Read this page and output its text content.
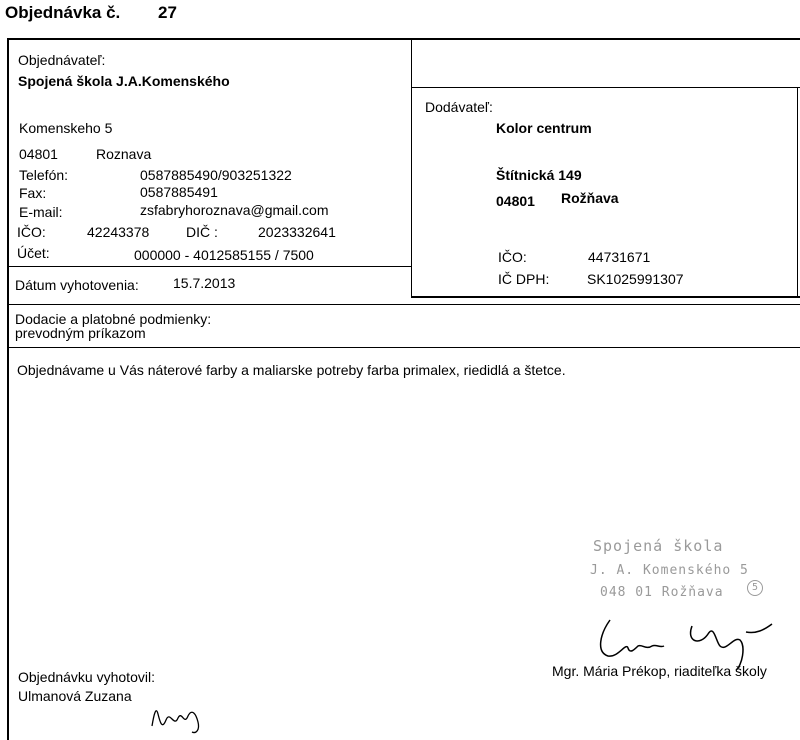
Objednávka č. 27
Objednávateľ:
Spojená škola J.A.Komenského
Komenskeho 5
04801	Roznava
Telefón:	0587885490/903251322
Fax:	0587885491
E-mail:	zsfabryhoroznava@gmail.com
IČO:	42243378	DIČ :	2023332641
Účet:	000000 - 4012585155 / 7500
Dátum vyhotovenia: 15.7.2013
Dodávateľ:
Kolor centrum
Štítnická 149
04801 Rožňava
IČO:	44731671
IČ DPH:	SK1025991307
Dodacie a platobné podmienky:
prevodným príkazom
Objednávame u Vás náterové farby a maliarske potreby farba primalex, riedidlá a štetce.
Spojená škola
J. A. Komenského 5
048 01 Rožňava	5
Mgr. Mária Prékop, riaditeľka školy
Objednávku vyhotovil:
Ulmanová Zuzana
